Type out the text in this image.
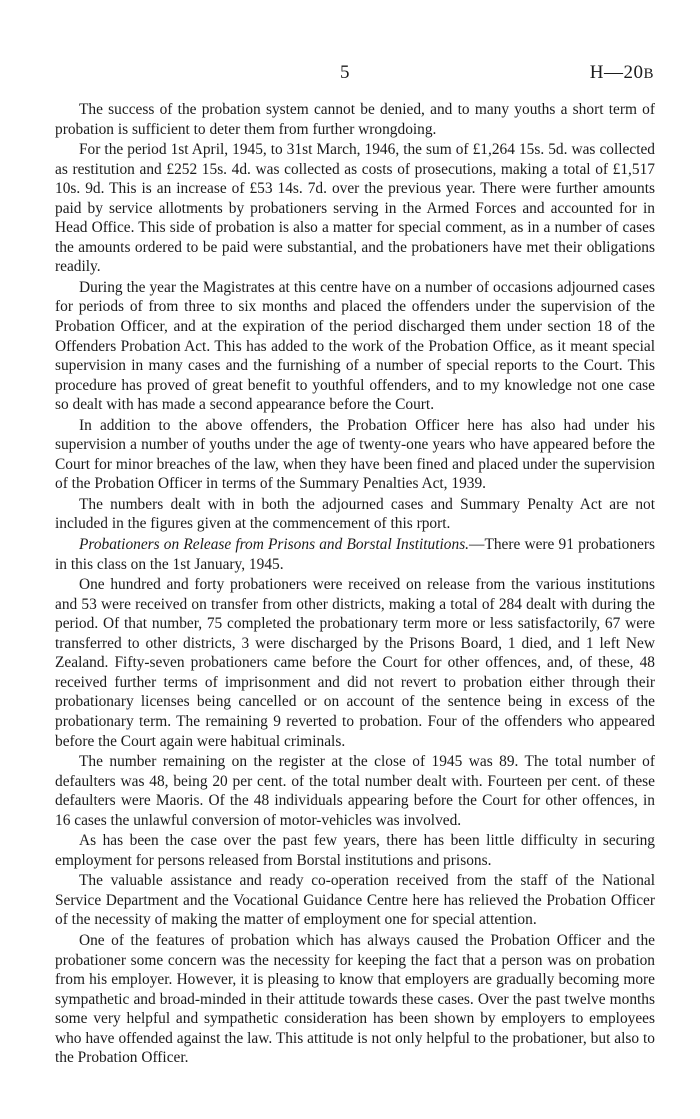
5	H—20B

The success of the probation system cannot be denied, and to many youths a short term of probation is sufficient to deter them from further wrongdoing.

For the period 1st April, 1945, to 31st March, 1946, the sum of £1,264 15s. 5d. was collected as restitution and £252 15s. 4d. was collected as costs of prosecutions, making a total of £1,517 10s. 9d. This is an increase of £53 14s. 7d. over the previous year. There were further amounts paid by service allotments by probationers serving in the Armed Forces and accounted for in Head Office. This side of probation is also a matter for special comment, as in a number of cases the amounts ordered to be paid were substantial, and the probationers have met their obligations readily.

During the year the Magistrates at this centre have on a number of occasions adjourned cases for periods of from three to six months and placed the offenders under the supervision of the Probation Officer, and at the expiration of the period discharged them under section 18 of the Offenders Probation Act. This has added to the work of the Probation Office, as it meant special supervision in many cases and the furnishing of a number of special reports to the Court. This procedure has proved of great benefit to youthful offenders, and to my knowledge not one case so dealt with has made a second appearance before the Court.

In addition to the above offenders, the Probation Officer here has also had under his supervision a number of youths under the age of twenty-one years who have appeared before the Court for minor breaches of the law, when they have been fined and placed under the supervision of the Probation Officer in terms of the Summary Penalties Act, 1939.

The numbers dealt with in both the adjourned cases and Summary Penalty Act are not included in the figures given at the commencement of this rport.

Probationers on Release from Prisons and Borstal Institutions.—There were 91 probationers in this class on the 1st January, 1945.

One hundred and forty probationers were received on release from the various institutions and 53 were received on transfer from other districts, making a total of 284 dealt with during the period. Of that number, 75 completed the probationary term more or less satisfactorily, 67 were transferred to other districts, 3 were discharged by the Prisons Board, 1 died, and 1 left New Zealand. Fifty-seven probationers came before the Court for other offences, and, of these, 48 received further terms of imprisonment and did not revert to probation either through their probationary licenses being cancelled or on account of the sentence being in excess of the probationary term. The remaining 9 reverted to probation. Four of the offenders who appeared before the Court again were habitual criminals.

The number remaining on the register at the close of 1945 was 89. The total number of defaulters was 48, being 20 per cent. of the total number dealt with. Fourteen per cent. of these defaulters were Maoris. Of the 48 individuals appearing before the Court for other offences, in 16 cases the unlawful conversion of motor-vehicles was involved.

As has been the case over the past few years, there has been little difficulty in securing employment for persons released from Borstal institutions and prisons.

The valuable assistance and ready co-operation received from the staff of the National Service Department and the Vocational Guidance Centre here has relieved the Probation Officer of the necessity of making the matter of employment one for special attention.

One of the features of probation which has always caused the Probation Officer and the probationer some concern was the necessity for keeping the fact that a person was on probation from his employer. However, it is pleasing to know that employers are gradually becoming more sympathetic and broad-minded in their attitude towards these cases. Over the past twelve months some very helpful and sympathetic consideration has been shown by employers to employees who have offended against the law. This attitude is not only helpful to the probationer, but also to the Probation Officer.
